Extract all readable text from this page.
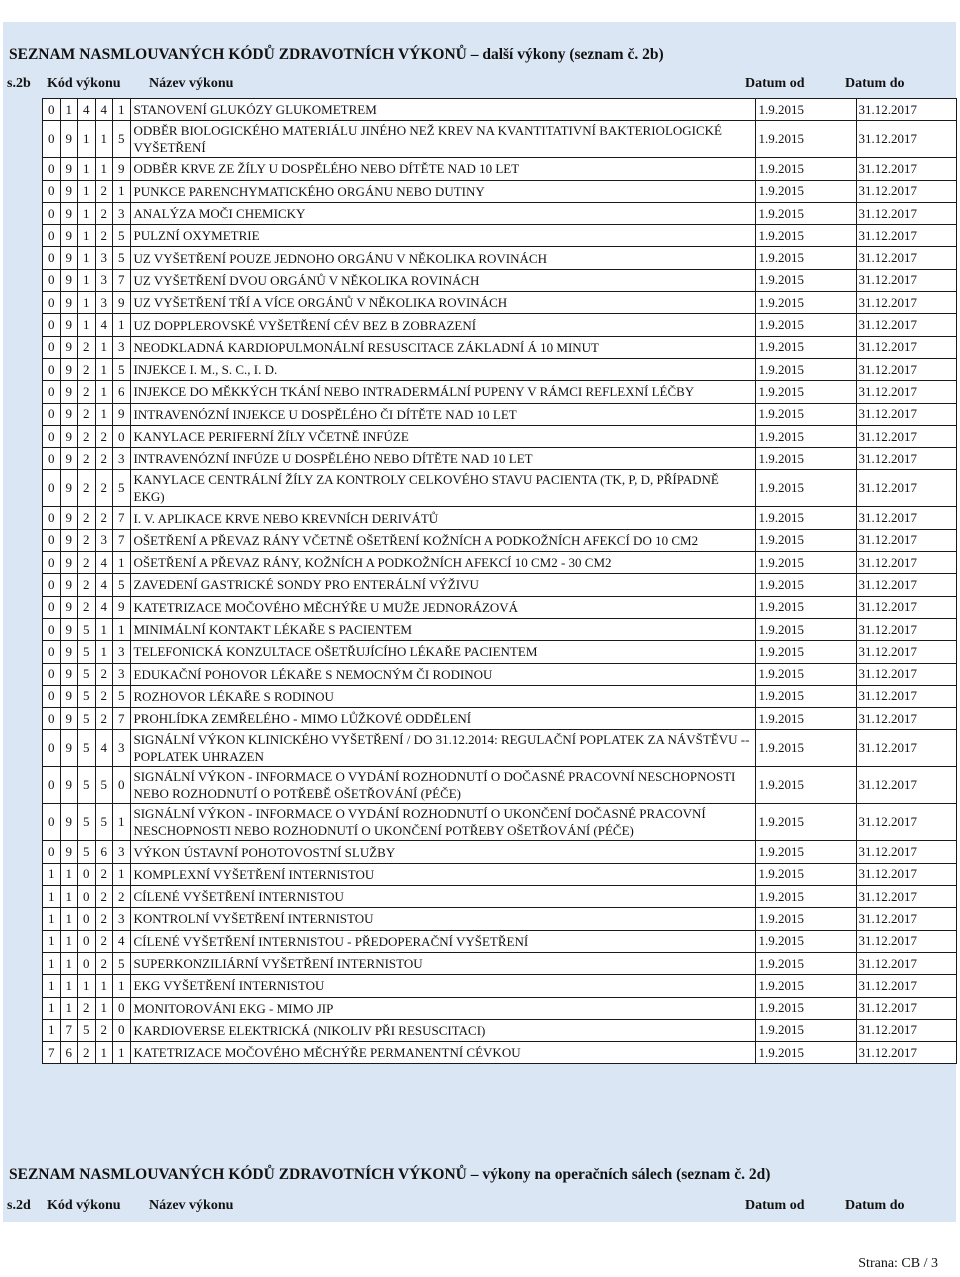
SEZNAM NASMLOUVANÝCH KÓDŮ ZDRAVOTNÍCH VÝKONŮ – další výkony (seznam č. 2b)
s.2b Kód výkonu Název výkonu	Datum od	Datum do
0	1	4	4	1	STANOVENÍ GLUKÓZY GLUKOMETREM	1.9.2015	31.12.2017
0	9	1	1	5	ODBĚR BIOLOGICKÉHO MATERIÁLU JINÉHO NEŽ KREV NA KVANTITATIVNÍ BAKTERIOLOGICKÉ VYŠETŘENÍ	1.9.2015	31.12.2017
0	9	1	1	9	ODBĚR KRVE ZE ŽÍLY U DOSPĚLÉHO NEBO DÍTĚTE NAD 10 LET	1.9.2015	31.12.2017
0	9	1	2	1	PUNKCE PARENCHYMATICKÉHO ORGÁNU NEBO DUTINY	1.9.2015	31.12.2017
0	9	1	2	3	ANALÝZA MOČI CHEMICKY	1.9.2015	31.12.2017
0	9	1	2	5	PULZNÍ OXYMETRIE	1.9.2015	31.12.2017
0	9	1	3	5	UZ VYŠETŘENÍ POUZE JEDNOHO ORGÁNU V NĚKOLIKA ROVINÁCH	1.9.2015	31.12.2017
0	9	1	3	7	UZ VYŠETŘENÍ DVOU ORGÁNŮ V NĚKOLIKA ROVINÁCH	1.9.2015	31.12.2017
0	9	1	3	9	UZ VYŠETŘENÍ TŘÍ A VÍCE ORGÁNŮ V NĚKOLIKA ROVINÁCH	1.9.2015	31.12.2017
0	9	1	4	1	UZ DOPPLEROVSKÉ VYŠETŘENÍ CÉV BEZ B ZOBRAZENÍ	1.9.2015	31.12.2017
0	9	2	1	3	NEODKLADNÁ KARDIOPULMONÁLNÍ RESUSCITACE ZÁKLADNÍ Á 10 MINUT	1.9.2015	31.12.2017
0	9	2	1	5	INJEKCE I. M., S. C., I. D.	1.9.2015	31.12.2017
0	9	2	1	6	INJEKCE DO MĚKKÝCH TKÁNÍ NEBO INTRADERMÁLNÍ PUPENY V RÁMCI REFLEXNÍ LÉČBY	1.9.2015	31.12.2017
0	9	2	1	9	INTRAVENÓZNÍ INJEKCE U DOSPĚLÉHO ČI DÍTĚTE NAD 10 LET	1.9.2015	31.12.2017
0	9	2	2	0	KANYLACE PERIFERNÍ ŽÍLY VČETNĚ INFÚZE	1.9.2015	31.12.2017
0	9	2	2	3	INTRAVENÓZNÍ INFÚZE U DOSPĚLÉHO NEBO DÍTĚTE NAD 10 LET	1.9.2015	31.12.2017
0	9	2	2	5	KANYLACE CENTRÁLNÍ ŽÍLY ZA KONTROLY CELKOVÉHO STAVU PACIENTA (TK, P, D, PŘÍPADNĚ EKG)	1.9.2015	31.12.2017
0	9	2	2	7	I. V. APLIKACE KRVE NEBO KREVNÍCH DERIVÁTŮ	1.9.2015	31.12.2017
0	9	2	3	7	OŠETŘENÍ A PŘEVAZ RÁNY VČETNĚ OŠETŘENÍ KOŽNÍCH A PODKOŽNÍCH AFEKCÍ DO 10 CM2	1.9.2015	31.12.2017
0	9	2	4	1	OŠETŘENÍ A PŘEVAZ RÁNY, KOŽNÍCH A PODKOŽNÍCH AFEKCÍ 10 CM2 - 30 CM2	1.9.2015	31.12.2017
0	9	2	4	5	ZAVEDENÍ GASTRICKÉ SONDY PRO ENTERÁLNÍ VÝŽIVU	1.9.2015	31.12.2017
0	9	2	4	9	KATETRIZACE MOČOVÉHO MĚCHÝŘE U MUŽE JEDNORÁZOVÁ	1.9.2015	31.12.2017
0	9	5	1	1	MINIMÁLNÍ KONTAKT LÉKAŘE S PACIENTEM	1.9.2015	31.12.2017
0	9	5	1	3	TELEFONICKÁ KONZULTACE OŠETŘUJÍCÍHO LÉKAŘE PACIENTEM	1.9.2015	31.12.2017
0	9	5	2	3	EDUKAČNÍ POHOVOR LÉKAŘE S NEMOCNÝM ČI RODINOU	1.9.2015	31.12.2017
0	9	5	2	5	ROZHOVOR LÉKAŘE S RODINOU	1.9.2015	31.12.2017
0	9	5	2	7	PROHLÍDKA ZEMŘELÉHO - MIMO LŮŽKOVÉ ODDĚLENÍ	1.9.2015	31.12.2017
0	9	5	4	3	SIGNÁLNÍ VÝKON KLINICKÉHO VYŠETŘENÍ / DO 31.12.2014: REGULAČNÍ POPLATEK ZA NÁVŠTĚVU -- POPLATEK UHRAZEN	1.9.2015	31.12.2017
0	9	5	5	0	SIGNÁLNÍ VÝKON - INFORMACE O VYDÁNÍ ROZHODNUTÍ O DOČASNÉ PRACOVNÍ NESCHOPNOSTI NEBO ROZHODNUTÍ O POTŘEBĚ OŠETŘOVÁNÍ (PÉČE)	1.9.2015	31.12.2017
0	9	5	5	1	SIGNÁLNÍ VÝKON - INFORMACE O VYDÁNÍ ROZHODNUTÍ O UKONČENÍ DOČASNÉ PRACOVNÍ NESCHOPNOSTI NEBO ROZHODNUTÍ O UKONČENÍ POTŘEBY OŠETŘOVÁNÍ (PÉČE)	1.9.2015	31.12.2017
0	9	5	6	3	VÝKON ÚSTAVNÍ POHOTOVOSTNÍ SLUŽBY	1.9.2015	31.12.2017
1	1	0	2	1	KOMPLEXNÍ VYŠETŘENÍ INTERNISTOU	1.9.2015	31.12.2017
1	1	0	2	2	CÍLENÉ VYŠETŘENÍ INTERNISTOU	1.9.2015	31.12.2017
1	1	0	2	3	KONTROLNÍ VYŠETŘENÍ INTERNISTOU	1.9.2015	31.12.2017
1	1	0	2	4	CÍLENÉ VYŠETŘENÍ INTERNISTOU - PŘEDOPERAČNÍ VYŠETŘENÍ	1.9.2015	31.12.2017
1	1	0	2	5	SUPERKONZILIÁRNÍ VYŠETŘENÍ INTERNISTOU	1.9.2015	31.12.2017
1	1	1	1	1	EKG VYŠETŘENÍ INTERNISTOU	1.9.2015	31.12.2017
1	1	2	1	0	MONITOROVÁNI EKG - MIMO JIP	1.9.2015	31.12.2017
1	7	5	2	0	KARDIOVERSE ELEKTRICKÁ (NIKOLIV PŘI RESUSCITACI)	1.9.2015	31.12.2017
7	6	2	1	1	KATETRIZACE MOČOVÉHO MĚCHÝŘE PERMANENTNÍ CÉVKOU	1.9.2015	31.12.2017
SEZNAM NASMLOUVANÝCH KÓDŮ ZDRAVOTNÍCH VÝKONŮ – výkony na operačních sálech (seznam č. 2d)
s.2d Kód výkonu Název výkonu	Datum od	Datum do
Strana: CB / 3
